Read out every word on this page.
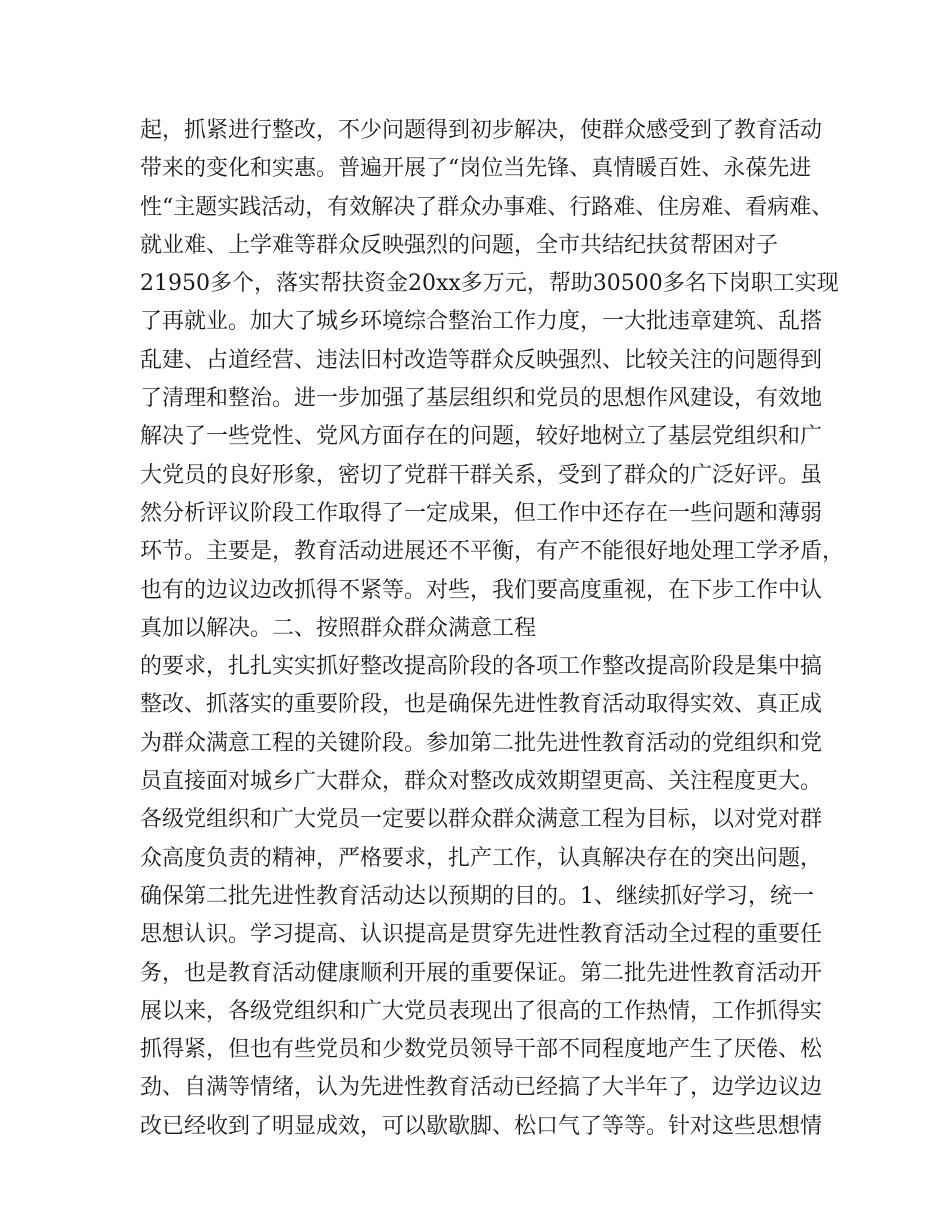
起，抓紧进行整改，不少问题得到初步解决，使群众感受到了教育活动
带来的变化和实惠。普遍开展了“岗位当先锋、真情暖百姓、永葆先进
性“主题实践活动，有效解决了群众办事难、行路难、住房难、看病难、
就业难、上学难等群众反映强烈的问题，全市共结纪扶贫帮困对子
21950多个，落实帮扶资金20xx多万元，帮助30500多名下岗职工实现
了再就业。加大了城乡环境综合整治工作力度，一大批违章建筑、乱搭
乱建、占道经营、违法旧村改造等群众反映强烈、比较关注的问题得到
了清理和整治。进一步加强了基层组织和党员的思想作风建设，有效地
解决了一些党性、党风方面存在的问题，较好地树立了基层党组织和广
大党员的良好形象，密切了党群干群关系，受到了群众的广泛好评。虽
然分析评议阶段工作取得了一定成果，但工作中还存在一些问题和薄弱
环节。主要是，教育活动进展还不平衡，有产不能很好地处理工学矛盾，
也有的边议边改抓得不紧等。对些，我们要高度重视，在下步工作中认
真加以解决。二、按照群众群众满意工程
的要求，扎扎实实抓好整改提高阶段的各项工作整改提高阶段是集中搞
整改、抓落实的重要阶段，也是确保先进性教育活动取得实效、真正成
为群众满意工程的关键阶段。参加第二批先进性教育活动的党组织和党
员直接面对城乡广大群众，群众对整改成效期望更高、关注程度更大。
各级党组织和广大党员一定要以群众群众满意工程为目标，以对党对群
众高度负责的精神，严格要求，扎产工作，认真解决存在的突出问题，
确保第二批先进性教育活动达以预期的目的。1、继续抓好学习，统一
思想认识。学习提高、认识提高是贯穿先进性教育活动全过程的重要任
务，也是教育活动健康顺利开展的重要保证。第二批先进性教育活动开
展以来，各级党组织和广大党员表现出了很高的工作热情，工作抓得实
抓得紧，但也有些党员和少数党员领导干部不同程度地产生了厌倦、松
劲、自满等情绪，认为先进性教育活动已经搞了大半年了，边学边议边
改已经收到了明显成效，可以歇歇脚、松口气了等等。针对这些思想情
